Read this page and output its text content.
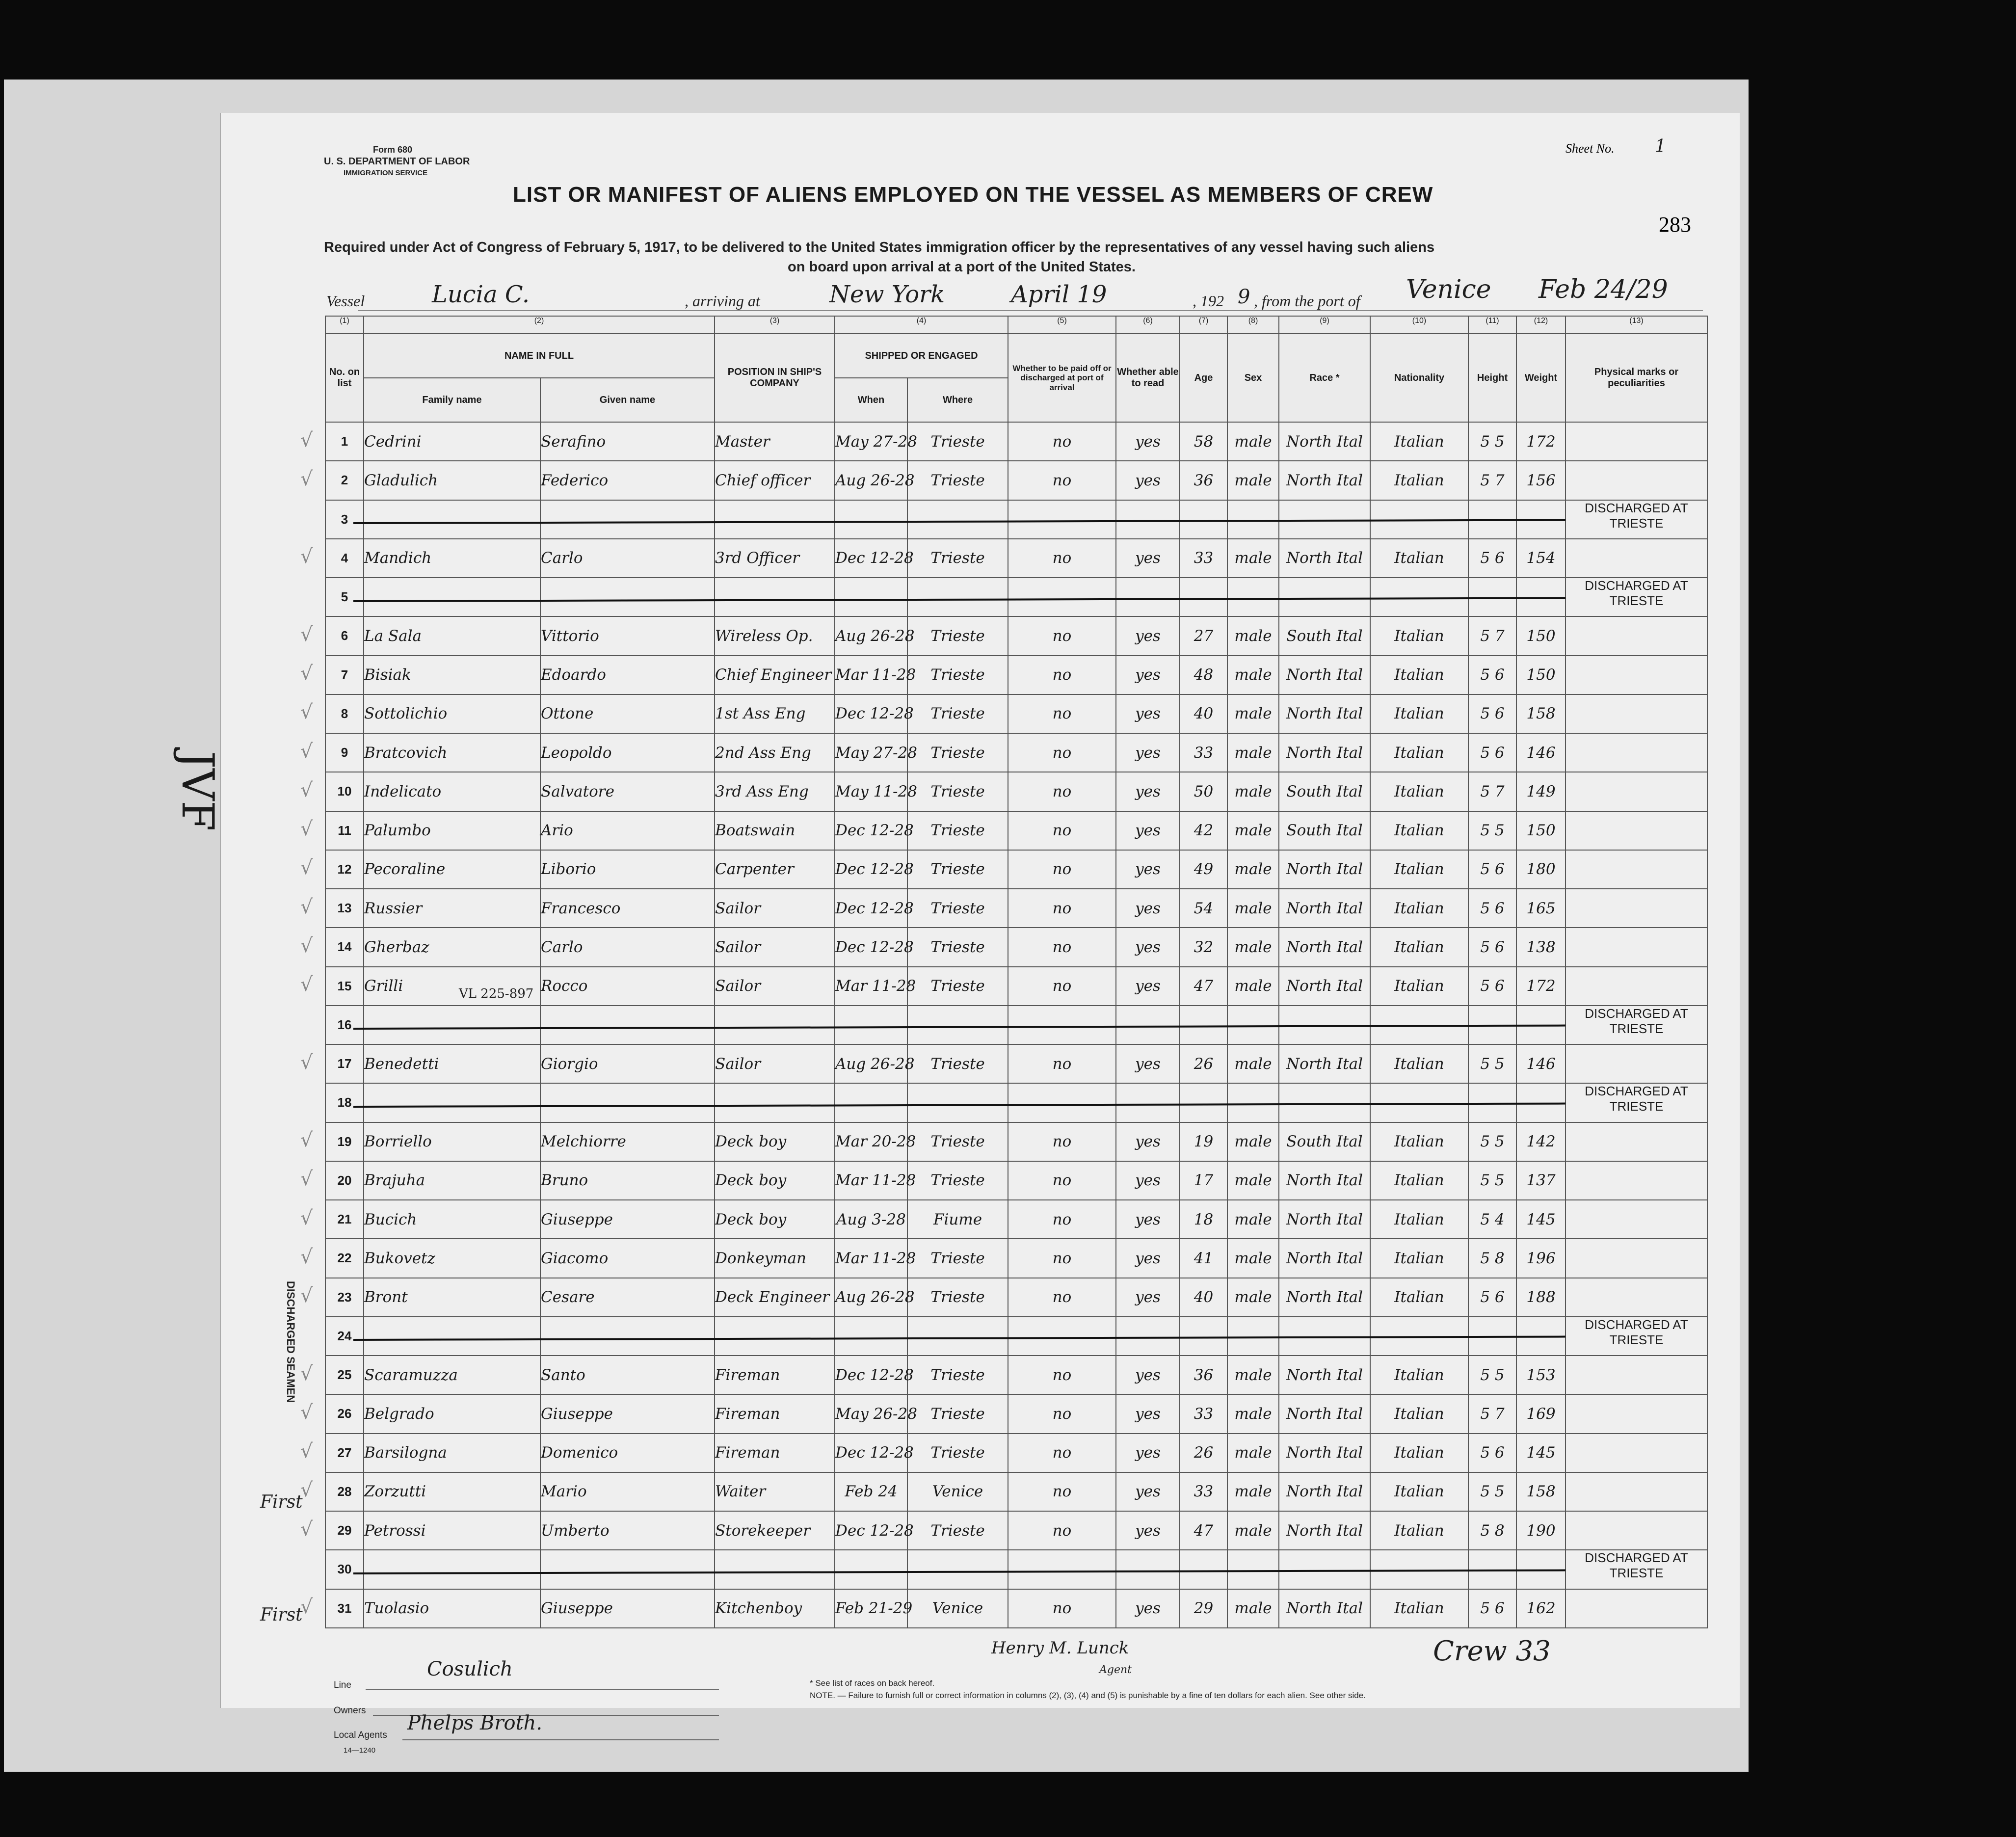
Form 680
U. S. DEPARTMENT OF LABOR
IMMIGRATION SERVICE
Sheet No. 1
LIST OR MANIFEST OF ALIENS EMPLOYED ON THE VESSEL AS MEMBERS OF CREW
283
Required under Act of Congress of February 5, 1917, to be delivered to the United States immigration officer by the representatives of any vessel having such aliens
on board upon arrival at a port of the United States.
Vessel	Lucia C.	, arriving at	New York	April 19	, 192 9 , from the port of Venice Feb 24/29
(1)	(2)		(3)	(4)		(5)	(6)	(7)	(8)	(9)	(10)	(11)	(12)	(13)
No. on list	NAME IN FULL		POSITION IN SHIP'S COMPANY	SHIPPED OR ENGAGED		Whether to be paid off or discharged at port of arrival	Whether able to read	Age	Sex	Race *	Nationality	Height	Weight	Physical marks or peculiarities
	Family name	Given name		When	Where									
1	Cedrini	Serafino	Master	May 27-28	Trieste	no	yes	58	male	North Ital	Italian	5 5	172	
2	Gladulich	Federico	Chief officer	Aug 26-28	Trieste	no	yes	36	male	North Ital	Italian	5 7	156	
3														DISCHARGED AT TRIESTE
4	Mandich	Carlo	3rd Officer	Dec 12-28	Trieste	no	yes	33	male	North Ital	Italian	5 6	154	
5														DISCHARGED AT TRIESTE
6	La Sala	Vittorio	Wireless Op.	Aug 26-28	Trieste	no	yes	27	male	South Ital	Italian	5 7	150	
7	Bisiak	Edoardo	Chief Engineer	Mar 11-28	Trieste	no	yes	48	male	North Ital	Italian	5 6	150	
8	Sottolichio	Ottone	1st Ass Eng	Dec 12-28	Trieste	no	yes	40	male	North Ital	Italian	5 6	158	
9	Bratcovich	Leopoldo	2nd Ass Eng	May 27-28	Trieste	no	yes	33	male	North Ital	Italian	5 6	146	
10	Indelicato	Salvatore	3rd Ass Eng	May 11-28	Trieste	no	yes	50	male	South Ital	Italian	5 7	149	
11	Palumbo	Ario	Boatswain	Dec 12-28	Trieste	no	yes	42	male	South Ital	Italian	5 5	150	
12	Pecoraline	Liborio	Carpenter	Dec 12-28	Trieste	no	yes	49	male	North Ital	Italian	5 6	180	
13	Russier	Francesco	Sailor	Dec 12-28	Trieste	no	yes	54	male	North Ital	Italian	5 6	165	
14	Gherbaz	Carlo	Sailor	Dec 12-28	Trieste	no	yes	32	male	North Ital	Italian	5 6	138	
15	Grilli	Rocco	Sailor	Mar 11-28	Trieste	no	yes	47	male	North Ital	Italian	5 6	172	
16														DISCHARGED AT TRIESTE
17	Benedetti	Giorgio	Sailor	Aug 26-28	Trieste	no	yes	26	male	North Ital	Italian	5 5	146	
18														DISCHARGED AT TRIESTE
19	Borriello	Melchiorre	Deck boy	Mar 20-28	Trieste	no	yes	19	male	South Ital	Italian	5 5	142	
20	Brajuha	Bruno	Deck boy	Mar 11-28	Trieste	no	yes	17	male	North Ital	Italian	5 5	137	
21	Bucich	Giuseppe	Deck boy	Aug 3-28	Fiume	no	yes	18	male	North Ital	Italian	5 4	145	
22	Bukovetz	Giacomo	Donkeyman	Mar 11-28	Trieste	no	yes	41	male	North Ital	Italian	5 8	196	
23	Bront	Cesare	Deck Engineer	Aug 26-28	Trieste	no	yes	40	male	North Ital	Italian	5 6	188	
24														DISCHARGED AT TRIESTE
25	Scaramuzza	Santo	Fireman	Dec 12-28	Trieste	no	yes	36	male	North Ital	Italian	5 5	153	
26	Belgrado	Giuseppe	Fireman	May 26-28	Trieste	no	yes	33	male	North Ital	Italian	5 7	169	
27	Barsilogna	Domenico	Fireman	Dec 12-28	Trieste	no	yes	26	male	North Ital	Italian	5 6	145	
28	Zorzutti	Mario	Waiter	Feb 24	Venice	no	yes	33	male	North Ital	Italian	5 5	158	
29	Petrossi	Umberto	Storekeeper	Dec 12-28	Trieste	no	yes	47	male	North Ital	Italian	5 8	190	
30														DISCHARGED AT TRIESTE
31	Tuolasio	Giuseppe	Kitchenboy	Feb 21-29	Venice	no	yes	29	male	North Ital	Italian	5 6	162	
JVF
DISCHARGED SEAMEN
First
First
VL 225-897
√
√
√
√
√
√
√
√
√
√
√
√
√
√
√
√
√
√
√
√
√
√
√
√
√
Line
Cosulich
Owners
Local Agents
Phelps Broth.
14—1240
Henry M. Lunck
Agent
Crew 33
* See list of races on back hereof.
NOTE. — Failure to furnish full or correct information in columns (2), (3), (4) and (5) is punishable by a fine of ten dollars for each alien. See other side.
